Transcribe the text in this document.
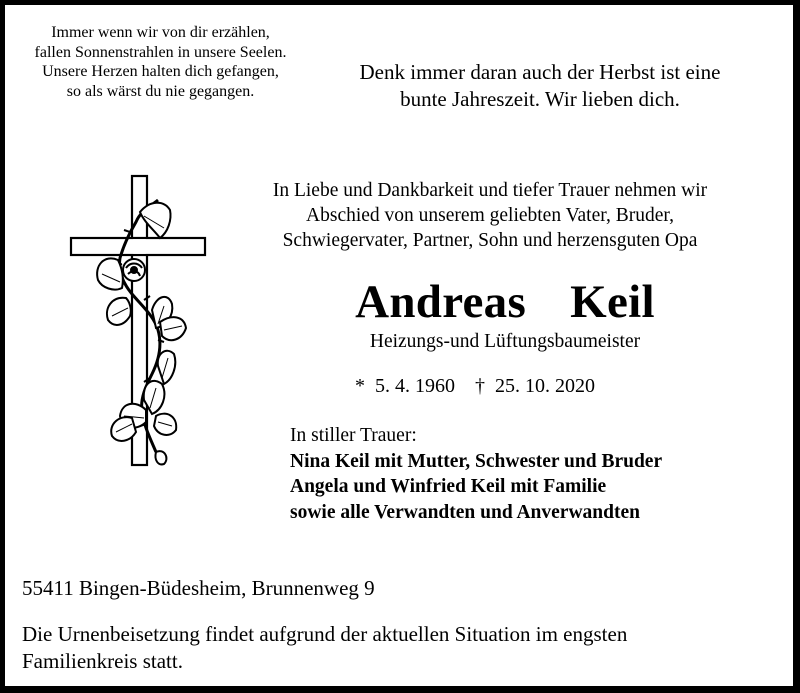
Immer wenn wir von dir erzählen,
fallen Sonnenstrahlen in unsere Seelen.
Unsere Herzen halten dich gefangen,
so als wärst du nie gegangen.
Denk immer daran auch der Herbst ist eine
bunte Jahreszeit. Wir lieben dich.
In Liebe und Dankbarkeit und tiefer Trauer nehmen wir
Abschied von unserem geliebten Vater, Bruder,
Schwiegervater, Partner, Sohn und herzensguten Opa
Andreas  Keil
Heizungs-und Lüftungsbaumeister
*  5. 4. 1960    †  25. 10. 2020
In stiller Trauer:
Nina Keil mit Mutter, Schwester und Bruder
Angela und Winfried Keil mit Familie
sowie alle Verwandten und Anverwandten
55411 Bingen-Büdesheim, Brunnenweg 9
Die Urnenbeisetzung findet aufgrund der aktuellen Situation im engsten
Familienkreis statt.
